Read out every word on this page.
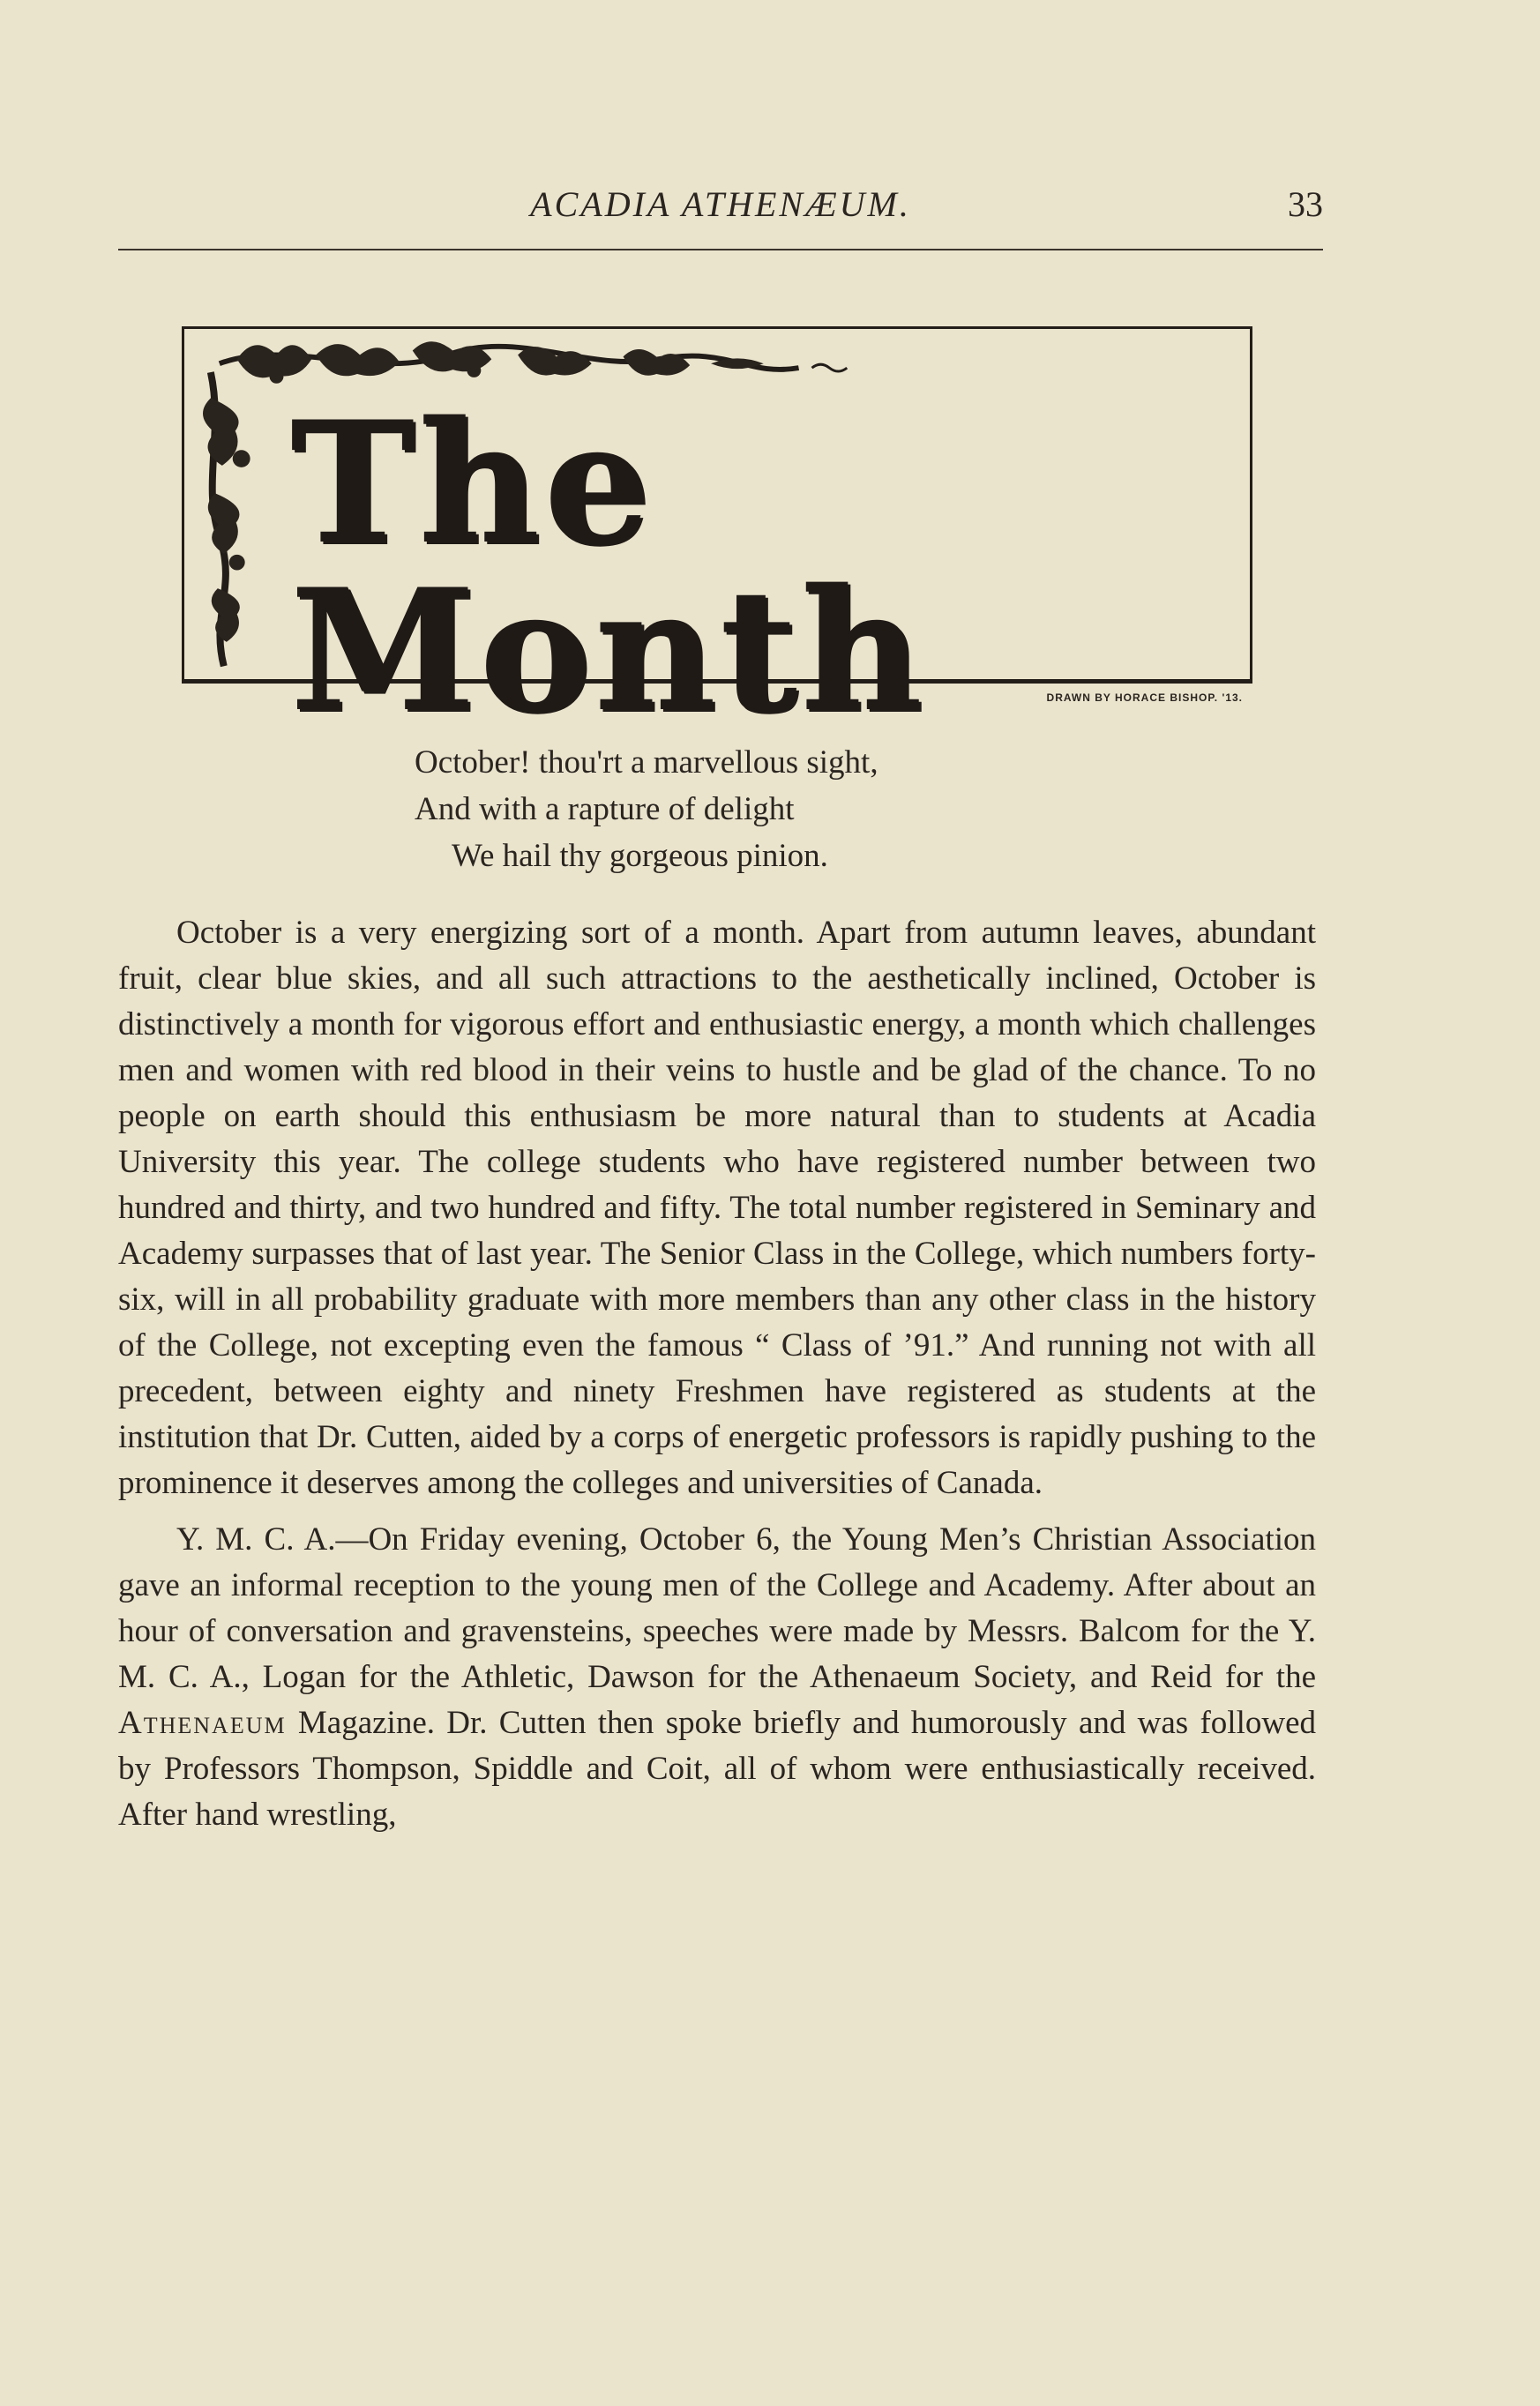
ACADIA ATHENÆUM.	33
The Month	DRAWN BY HORACE BISHOP. '13.
October! thou'rt a marvellous sight,
And with a rapture of delight
We hail thy gorgeous pinion.

October is a very energizing sort of a month. Apart from autumn leaves, abundant fruit, clear blue skies, and all such attractions to the aesthetically inclined, October is distinctively a month for vigorous effort and enthusiastic energy, a month which challenges men and women with red blood in their veins to hustle and be glad of the chance. To no people on earth should this enthusiasm be more natural than to students at Acadia University this year. The college students who have registered number between two hundred and thirty, and two hundred and fifty. The total number registered in Seminary and Academy surpasses that of last year. The Senior Class in the College, which numbers forty-six, will in all probability graduate with more members than any other class in the history of the College, not excepting even the famous “ Class of ’91.” And running not with all precedent, between eighty and ninety Freshmen have registered as students at the institution that Dr. Cutten, aided by a corps of energetic professors is rapidly pushing to the prominence it deserves among the colleges and universities of Canada.

Y. M. C. A.—On Friday evening, October 6, the Young Men’s Christian Association gave an informal reception to the young men of the College and Academy. After about an hour of conversation and gravensteins, speeches were made by Messrs. Balcom for the Y. M. C. A., Logan for the Athletic, Dawson for the Athenaeum Society, and Reid for the Athenaeum Magazine. Dr. Cutten then spoke briefly and humorously and was followed by Professors Thompson, Spiddle and Coit, all of whom were enthusiastically received. After hand wrestling,
